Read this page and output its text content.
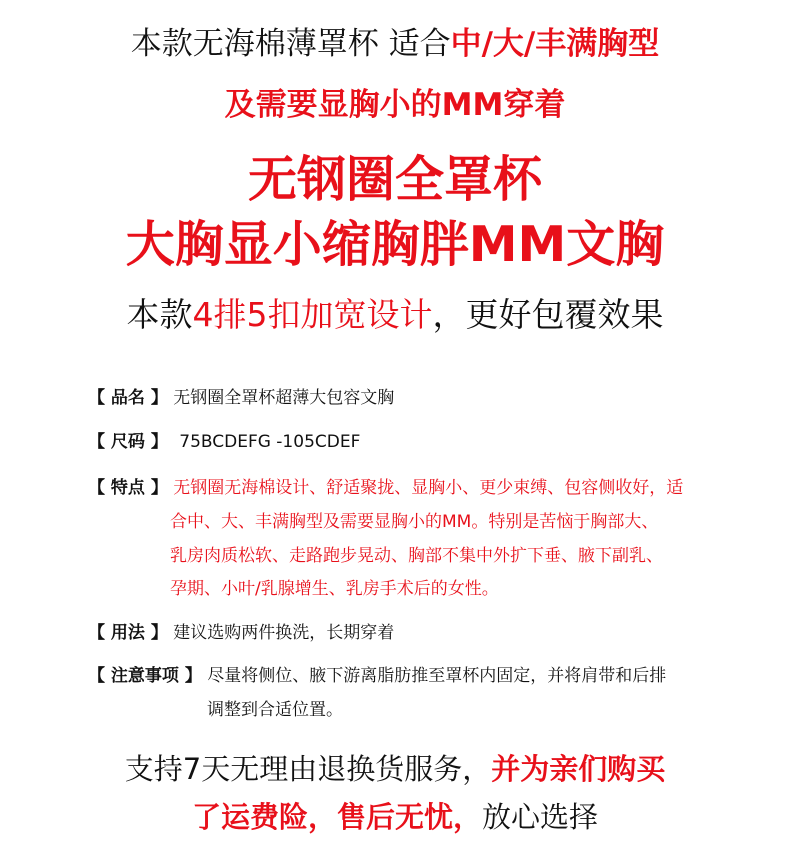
本款无海棉薄罩杯 适合中/大/丰满胸型
及需要显胸小的MM穿着
无钢圈全罩杯
大胸显小缩胸胖MM文胸
本款4排5扣加宽设计，更好包覆效果
【 品名 】 无钢圈全罩杯超薄大包容文胸
【 尺码 】 75BCDEFG -105CDEF
【 特点 】 无钢圈无海棉设计、舒适聚拢、显胸小、更少束缚、包容侧收好，适
合中、大、丰满胸型及需要显胸小的MM。特别是苦恼于胸部大、
乳房肉质松软、走路跑步晃动、胸部不集中外扩下垂、腋下副乳、
孕期、小叶/乳腺增生、乳房手术后的女性。
【 用法 】 建议选购两件换洗，长期穿着
【 注意事项 】 尽量将侧位、腋下游离脂肪推至罩杯内固定，并将肩带和后排
调整到合适位置。
支持7天无理由退换货服务，并为亲们购买
了运费险，售后无忧，放心选择
